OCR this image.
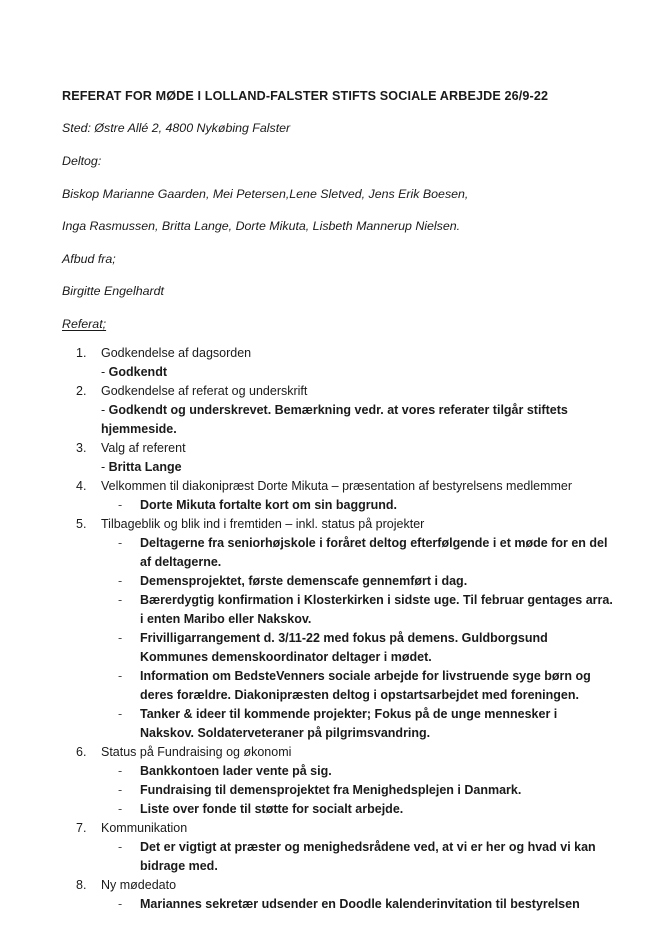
REFERAT FOR MØDE I LOLLAND-FALSTER STIFTS SOCIALE ARBEJDE 26/9-22
Sted: Østre Allé 2, 4800 Nykøbing Falster
Deltog:
Biskop Marianne Gaarden, Mei Petersen,Lene Sletved, Jens Erik Boesen,
Inga Rasmussen, Britta Lange, Dorte Mikuta, Lisbeth Mannerup Nielsen.
Afbud fra;
Birgitte Engelhardt
Referat;
1.	Godkendelse af dagsorden
- Godkendt
2.	Godkendelse af referat og underskrift
- Godkendt og underskrevet. Bemærkning vedr. at vores referater tilgår stiftets hjemmeside.
3.	Valg af referent
- Britta Lange
4.	Velkommen til diakonipræst Dorte Mikuta – præsentation af bestyrelsens medlemmer
- Dorte Mikuta fortalte kort om sin baggrund.
5.	Tilbageblik og blik ind i fremtiden – inkl. status på projekter
- Deltagerne fra seniorhøjskole i foråret deltog efterfølgende i et møde for en del af deltagerne.
- Demensprojektet, første demenscafe gennemført i dag.
- Bærerdygtig konfirmation i Klosterkirken i sidste uge. Til februar gentages arra. i enten Maribo eller Nakskov.
- Frivilligarrangement d. 3/11-22 med fokus på demens. Guldborgsund Kommunes demenskoordinator deltager i mødet.
- Information om BedsteVenners sociale arbejde for livstruende syge børn og deres forældre. Diakonipræsten deltog i opstartsarbejdet med foreningen.
- Tanker & ideer til kommende projekter; Fokus på de unge mennesker i Nakskov. Soldaterveteraner på pilgrimsvandring.
6.	Status på Fundraising og økonomi
- Bankkontoen lader vente på sig.
- Fundraising til demensprojektet fra Menighedsplejen i Danmark.
- Liste over fonde til støtte for socialt arbejde.
7.	Kommunikation
- Det er vigtigt at præster og menighedsrådene ved, at vi er her og hvad vi kan bidrage med.
8.	Ny mødedato
- Mariannes sekretær udsender en Doodle kalenderinvitation til bestyrelsen
